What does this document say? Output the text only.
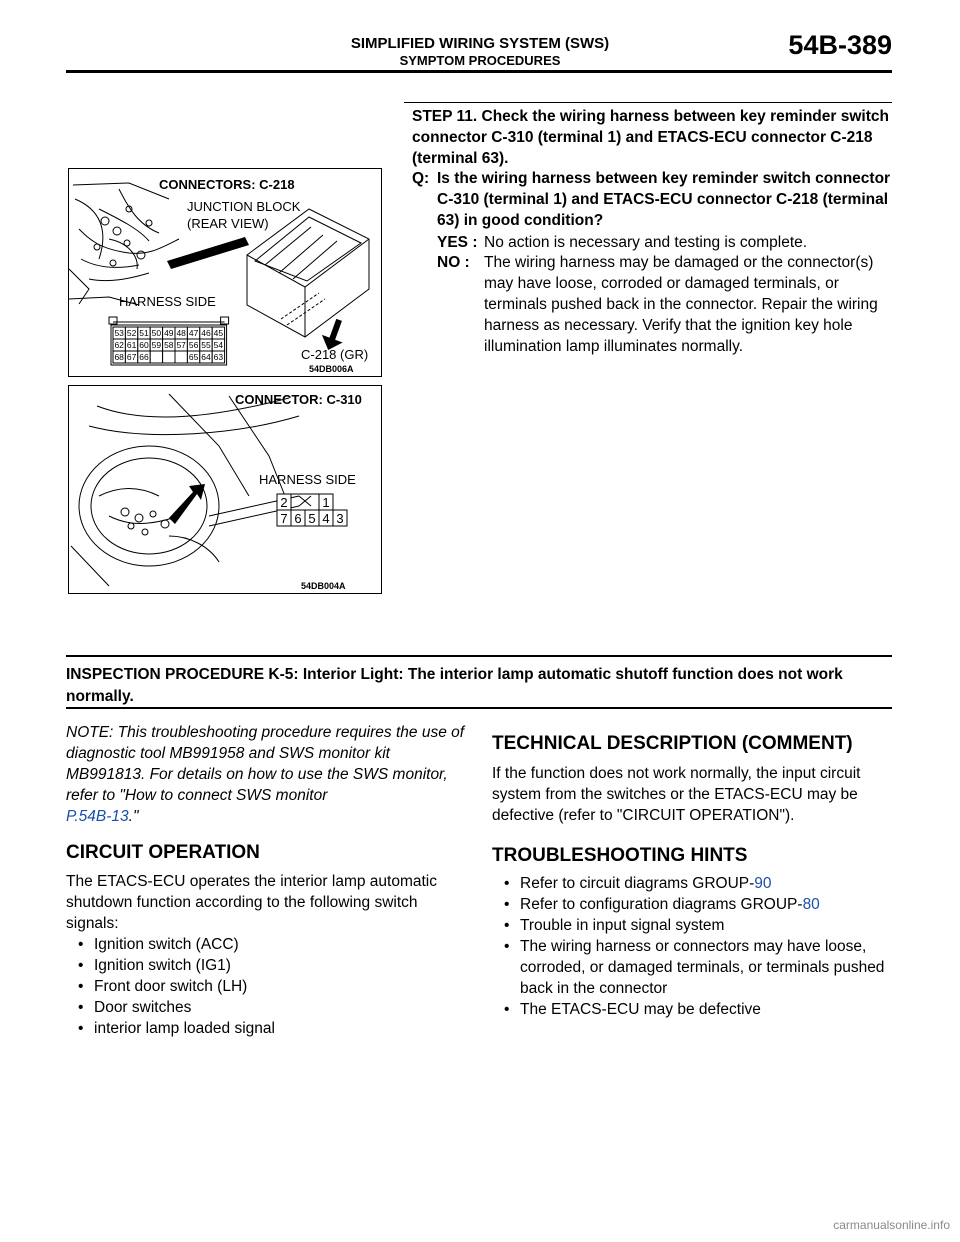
SIMPLIFIED WIRING SYSTEM (SWS)
SYMPTOM PROCEDURES
54B-389
STEP 11. Check the wiring harness between key reminder switch connector C-310 (terminal 1) and ETACS-ECU connector C-218 (terminal 63).
Q: Is the wiring harness between key reminder switch connector C-310 (terminal 1) and ETACS-ECU connector C-218 (terminal 63) in good condition?
YES : No action is necessary and testing is complete.
NO : The wiring harness may be damaged or the connector(s) may have loose, corroded or damaged terminals, or terminals pushed back in the connector. Repair the wiring harness as necessary. Verify that the ignition key hole illumination lamp illuminates normally.
CONNECTORS: C-218
JUNCTION BLOCK
(REAR VIEW)
HARNESS SIDE
C-218 (GR)
54DB006A
53 52 51 50 49 48 47 46 45
62 61 60 59 58 57 56 55 54
68 67 66	65 64 63
CONNECTOR: C-310
HARNESS SIDE
54DB004A
2	1
7 6 5 4 3
INSPECTION PROCEDURE K-5: Interior Light: The interior lamp automatic shutoff function does not work normally.
NOTE: This troubleshooting procedure requires the use of diagnostic tool MB991958 and SWS monitor kit MB991813. For details on how to use the SWS monitor, refer to "How to connect SWS monitor
P.54B-13."
CIRCUIT OPERATION
The ETACS-ECU operates the interior lamp automatic shutdown function according to the following switch signals:
• Ignition switch (ACC)
• Ignition switch (IG1)
• Front door switch (LH)
• Door switches
• interior lamp loaded signal
TECHNICAL DESCRIPTION (COMMENT)
If the function does not work normally, the input circuit system from the switches or the ETACS-ECU may be defective (refer to "CIRCUIT OPERATION").
TROUBLESHOOTING HINTS
• Refer to circuit diagrams GROUP-90
• Refer to configuration diagrams GROUP-80
• Trouble in input signal system
• The wiring harness or connectors may have loose, corroded, or damaged terminals, or terminals pushed back in the connector
• The ETACS-ECU may be defective
carmanualsonline.info
